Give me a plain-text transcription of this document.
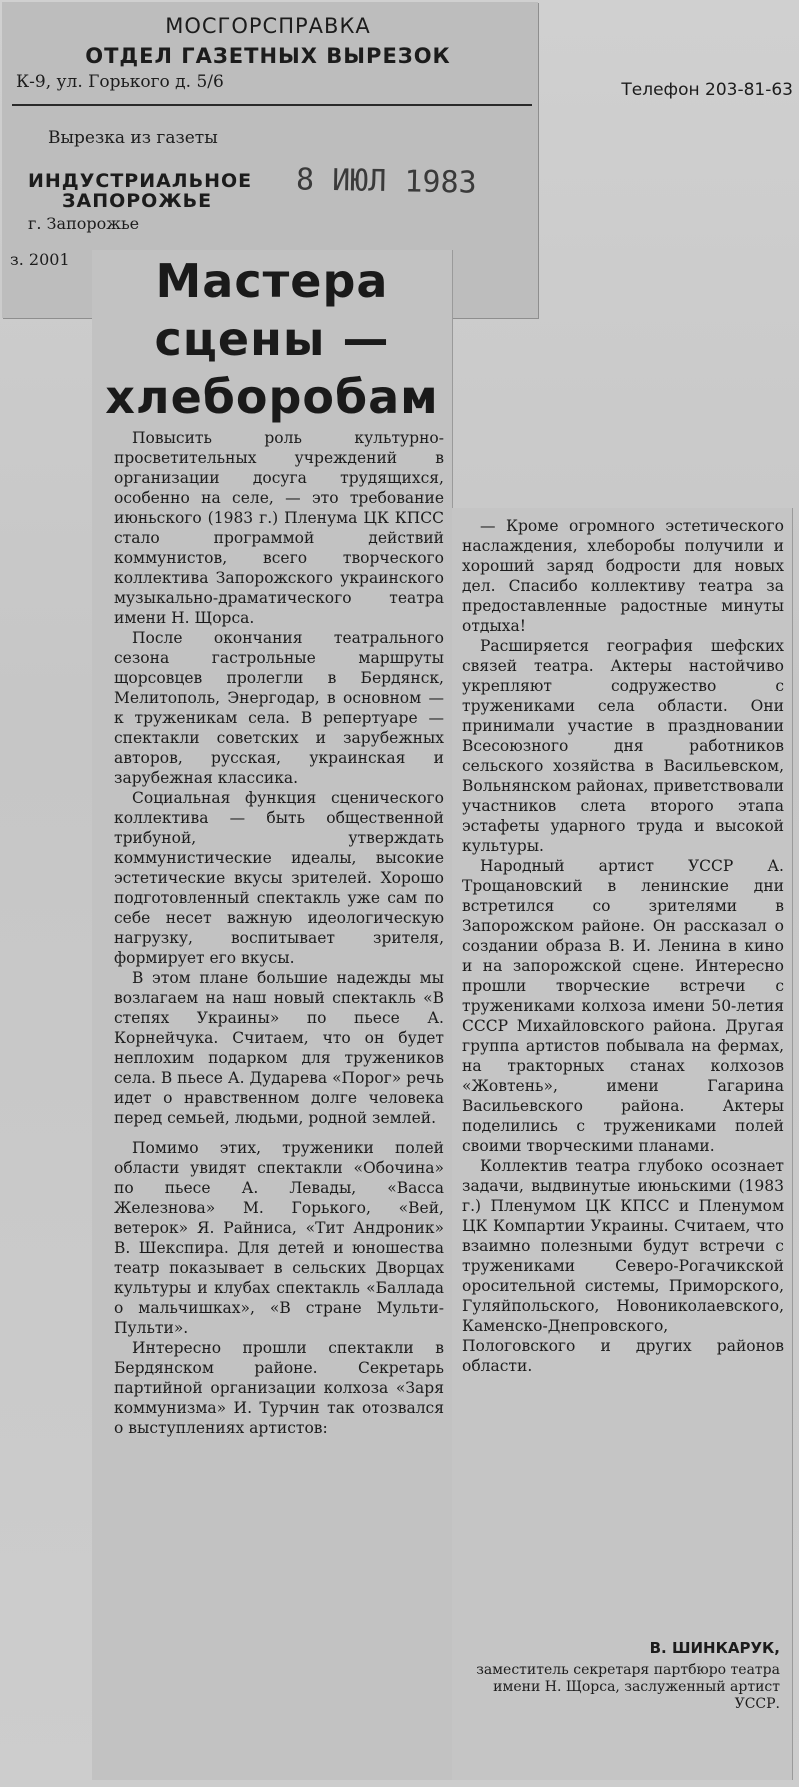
МОСГОРСПРАВКА
ОТДЕЛ ГАЗЕТНЫХ ВЫРЕЗОК
К-9, ул. Горького д. 5/6	Телефон 203-81-63
Вырезка из газеты
ИНДУСТРИАЛЬНОЕ
ЗАПОРОЖЬЕ
г. Запорожье
8 ИЮЛ 1983
з. 2001	Мастера сцены — хлеборобам

Повысить роль культурно-просветительных учреждений в организации досуга трудящихся, особенно на селе, — это требование июньского (1983 г.) Пленума ЦК КПСС стало программой действий коммунистов, всего творческого коллектива Запорожского украинского музыкально-драматического театра имени Н. Щорса.

После окончания театрального сезона гастрольные маршруты щорсовцев пролегли в Бердянск, Мелитополь, Энергодар, в основном — к труженикам села. В репертуаре — спектакли советских и зарубежных авторов, русская, украинская и зарубежная классика.

Социальная функция сценического коллектива — быть общественной трибуной, утверждать коммунистические идеалы, высокие эстетические вкусы зрителей. Хорошо подготовленный спектакль уже сам по себе несет важную идеологическую нагрузку, воспитывает зрителя, формирует его вкусы.

В этом плане большие надежды мы возлагаем на наш новый спектакль «В степях Украины» по пьесе А. Корнейчука. Считаем, что он будет неплохим подарком для тружеников села. В пьесе А. Дударева «Порог» речь идет о нравственном долге человека перед семьей, людьми, родной землей.

Помимо этих, труженики полей области увидят спектакли «Обочина» по пьесе А. Левады, «Васса Железнова» М. Горького, «Вей, ветерок» Я. Райниса, «Тит Андроник» В. Шекспира. Для детей и юношества театр показывает в сельских Дворцах культуры и клубах спектакль «Баллада о мальчишках», «В стране Мульти-Пульти».

Интересно прошли спектакли в Бердянском районе. Секретарь партийной организации колхоза «Заря коммунизма» И. Турчин так отозвался о выступлениях артистов:

— Кроме огромного эстетического наслаждения, хлеборобы получили и хороший заряд бодрости для новых дел. Спасибо коллективу театра за предоставленные радостные минуты отдыха!

Расширяется география шефских связей театра. Актеры настойчиво укрепляют содружество с тружениками села области. Они принимали участие в праздновании Всесоюзного дня работников сельского хозяйства в Васильевском, Вольнянском районах, приветствовали участников слета второго этапа эстафеты ударного труда и высокой культуры.

Народный артист УССР А. Трощановский в ленинские дни встретился со зрителями в Запорожском районе. Он рассказал о создании образа В. И. Ленина в кино и на запорожской сцене. Интересно прошли творческие встречи с тружениками колхоза имени 50-летия СССР Михайловского района. Другая группа артистов побывала на фермах, на тракторных станах колхозов «Жовтень», имени Гагарина Васильевского района. Актеры поделились с тружениками полей своими творческими планами.

Коллектив театра глубоко осознает задачи, выдвинутые июньскими (1983 г.) Пленумом ЦК КПСС и Пленумом ЦК Компартии Украины. Считаем, что взаимно полезными будут встречи с тружениками Северо-Рогачикской оросительной системы, Приморского, Гуляйпольского, Новониколаевского, Каменско-Днепровского, Пологовского и других районов области.

В. ШИНКАРУК,
заместитель секретаря партбюро театра имени Н. Щорса, заслуженный артист УССР.
